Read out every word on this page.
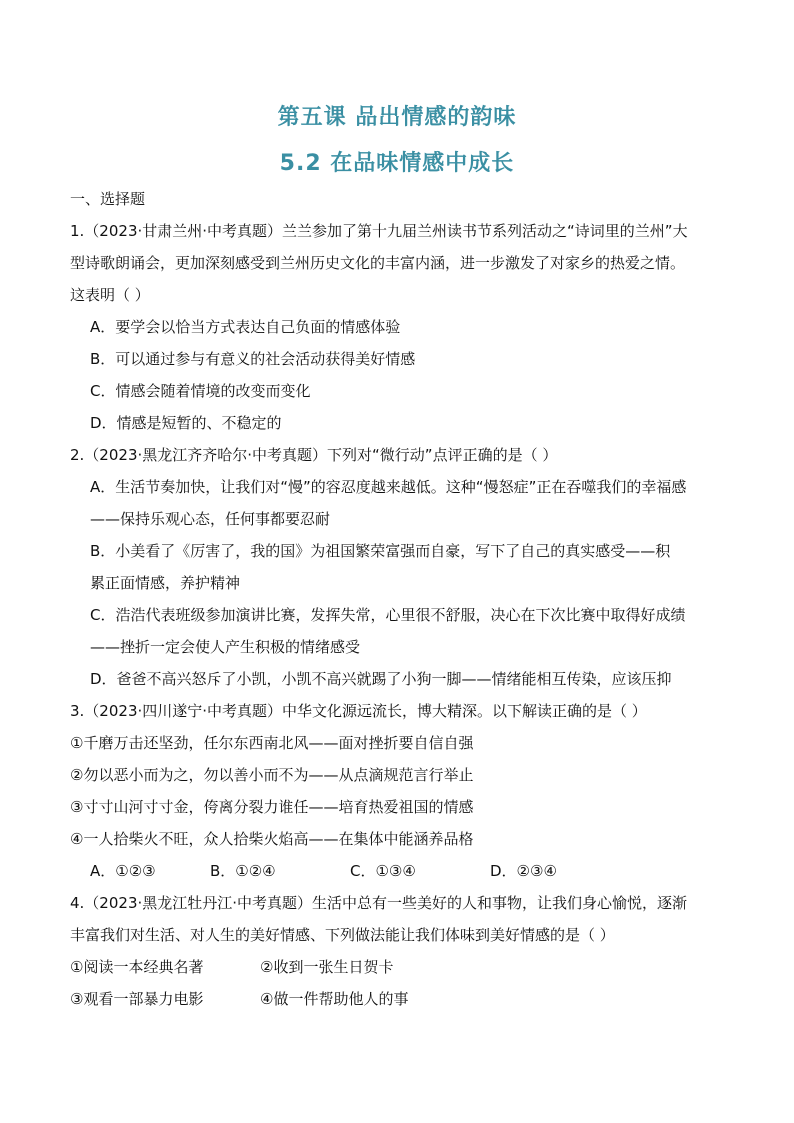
第五课 品出情感的韵味
5.2 在品味情感中成长
一、选择题
1.（2023·甘肃兰州·中考真题）兰兰参加了第十九届兰州读书节系列活动之“诗词里的兰州”大
型诗歌朗诵会，更加深刻感受到兰州历史文化的丰富内涵，进一步激发了对家乡的热爱之情。
这表明（ ）
A．要学会以恰当方式表达自己负面的情感体验
B．可以通过参与有意义的社会活动获得美好情感
C．情感会随着情境的改变而变化
D．情感是短暂的、不稳定的
2.（2023·黑龙江齐齐哈尔·中考真题）下列对“微行动”点评正确的是（ ）
A．生活节奏加快，让我们对“慢”的容忍度越来越低。这种“慢怒症”正在吞噬我们的幸福感
——保持乐观心态，任何事都要忍耐
B．小美看了《厉害了，我的国》为祖国繁荣富强而自豪，写下了自己的真实感受——积
累正面情感，养护精神
C．浩浩代表班级参加演讲比赛，发挥失常，心里很不舒服，决心在下次比赛中取得好成绩
——挫折一定会使人产生积极的情绪感受
D．爸爸不高兴怒斥了小凯，小凯不高兴就踢了小狗一脚——情绪能相互传染，应该压抑
3.（2023·四川遂宁·中考真题）中华文化源远流长，博大精深。以下解读正确的是（ ）
①千磨万击还坚劲，任尔东西南北风——面对挫折要自信自强
②勿以恶小而为之，勿以善小而不为——从点滴规范言行举止
③寸寸山河寸寸金，侉离分裂力谁任——培育热爱祖国的情感
④一人拾柴火不旺，众人拾柴火焰高——在集体中能涵养品格
A．①②③	B．①②④	C．①③④	D．②③④
4.（2023·黑龙江牡丹江·中考真题）生活中总有一些美好的人和事物，让我们身心愉悦，逐渐
丰富我们对生活、对人生的美好情感、下列做法能让我们体味到美好情感的是（ ）
①阅读一本经典名著	②收到一张生日贺卡
③观看一部暴力电影	④做一件帮助他人的事
